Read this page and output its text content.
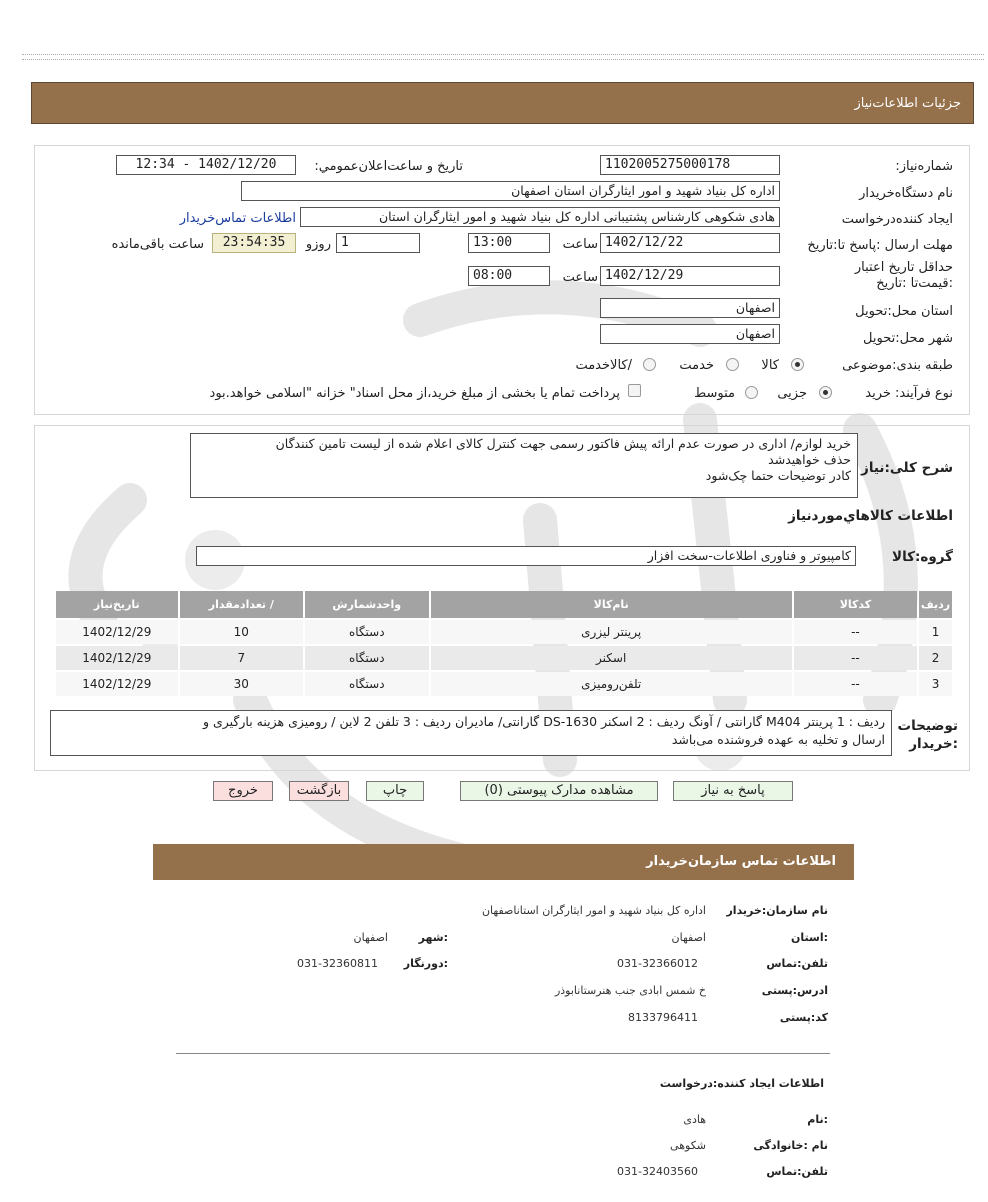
جزئیات اطلاعات‌نیاز
شماره‌نیاز:
1102005275000178
تاریخ و ساعت‌اعلان‌عمومي:
1402/12/20 - 12:34
نام دستگاه‌خریدار
اداره کل بنیاد شهید و امور ایثارگران استان اصفهان
ایجاد کننده‌درخواست
هادی شکوهی کارشناس پشتیبانی اداره کل بنیاد شهید و امور ایثارگران استان
اطلاعات تماس‌خریدار
مهلت ارسال :پاسخ تا:تاریخ
1402/12/22
ساعت
13:00
1
روزو
23:54:35
ساعت باقی‌مانده
حداقل تاریخ اعتبار :قیمت‌تا :تاریخ
1402/12/29
ساعت
08:00
استان محل:تحویل
اصفهان
شهر محل:تحویل
اصفهان
طبقه بندی:موضوعی
کالا
خدمت
/کالاخدمت
نوع فرآیند: خرید
جزیی
متوسط
پرداخت تمام یا بخشی از مبلغ خرید،از محل اسناد" خزانه "اسلامی خواهد.بود
شرح کلی:نیاز
خرید لوازم/ اداری در صورت عدم ارائه پیش فاکتور رسمی جهت کنترل کالای اعلام شده از لیست تامین کنندگان
حذف خواهید‌شد
کادر توضیحات حتما چک‌شود
اطلاعات کالاهاي‌موردنیاز
گروه:کالا
کامپیوتر و فناوری اطلاعات-سخت افزار
ردیف	کدکالا	نام‌کالا	واحدشمارش	/ تعدادمقدار	تاریخ‌نیاز
1	--	پرینتر لیزری	دستگاه	10	1402/12/29
2	--	اسکنر	دستگاه	7	1402/12/29
3	--	تلفن‌رومیزی	دستگاه	30	1402/12/29
توضیحات
:خریدار
ردیف : 1 پرینتر M404 گارانتی / آونگ ردیف : 2 اسکنر DS-1630 گارانتی/ مادیران ردیف : 3 تلفن 2 لاین / رومیزی هزینه بارگیری و
ارسال و تخلیه به عهده فروشنده می‌باشد
پاسخ به نیاز
مشاهده مدارک پیوستی (0)
چاپ
بازگشت
خروج
اطلاعات تماس سازمان‌خریدار
نام سازمان:خریدار
اداره کل بنیاد شهید و امور ایثارگران استاناصفهان
:استان
اصفهان
:شهر
اصفهان
تلفن:تماس
031-32366012
:دورنگار
031-32360811
ادرس:پستی
خ شمس ابادی جنب هنرستانابوذر
کد:پستی
8133796411
اطلاعات ایجاد کننده:درخواست
:نام
هادی
نام :خانوادگی
شکوهی
تلفن:تماس
031-32403560
